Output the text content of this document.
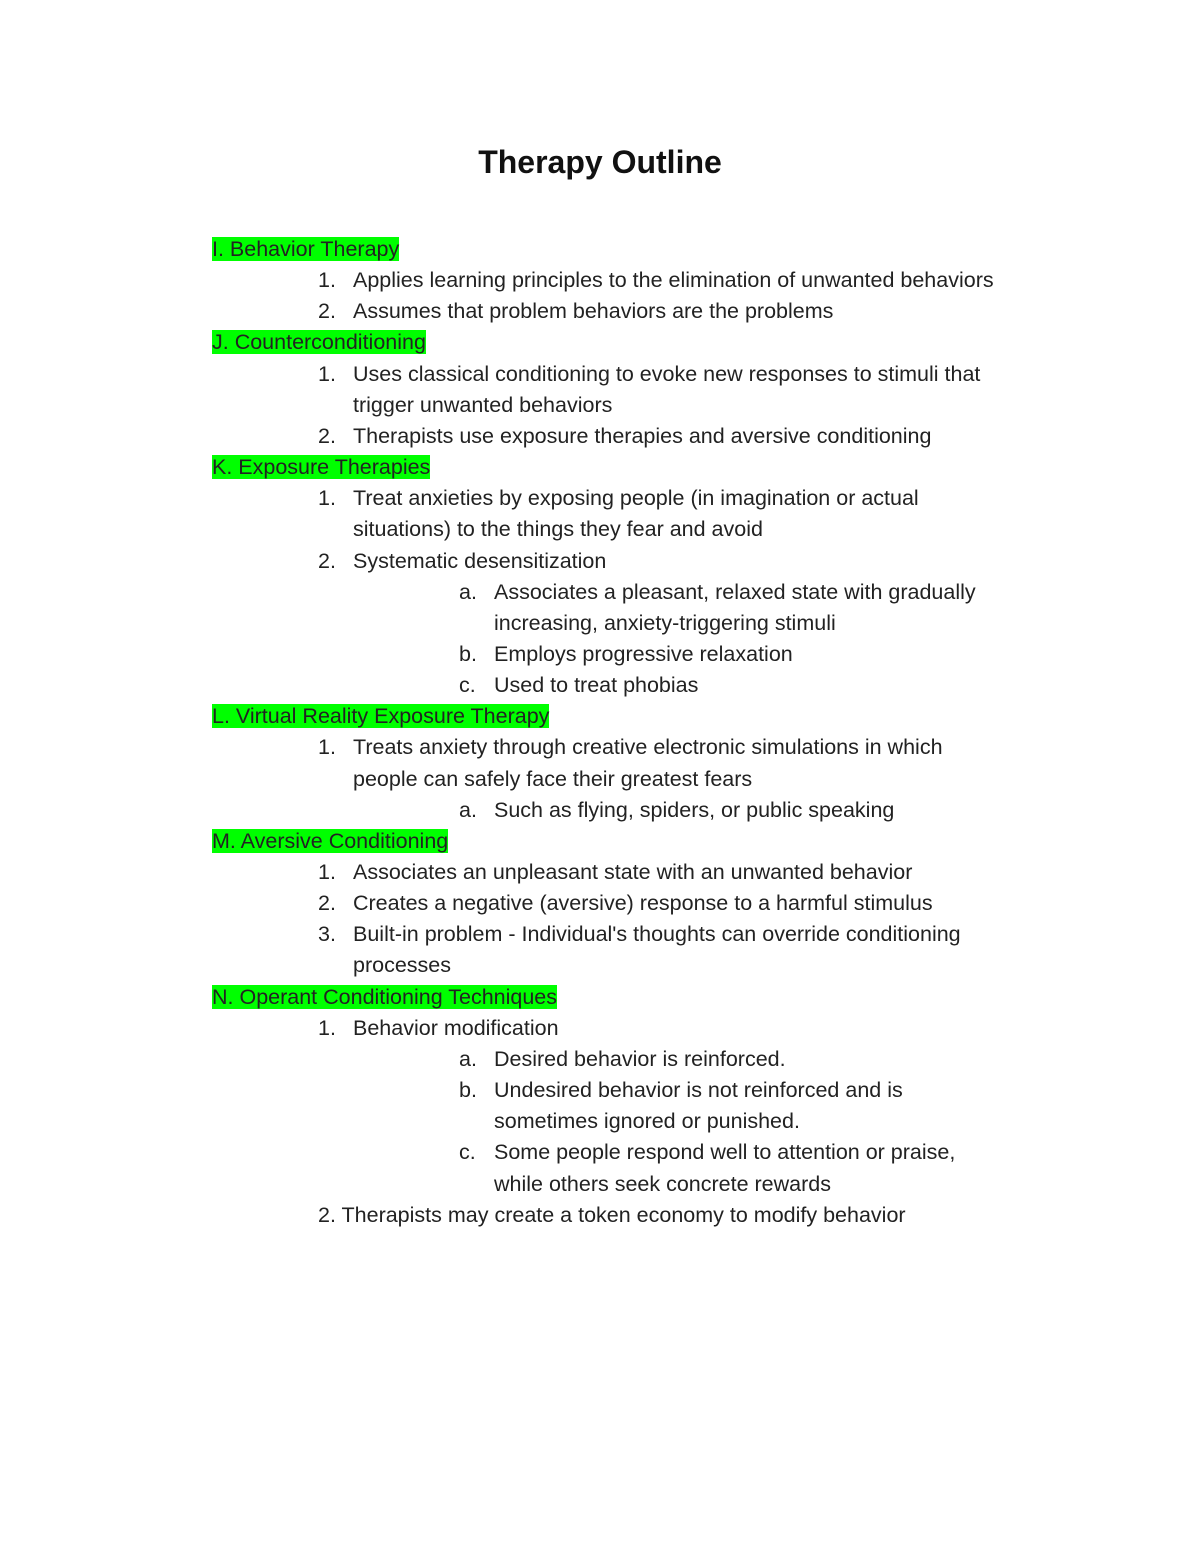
Therapy Outline
I. Behavior Therapy
1. Applies learning principles to the elimination of unwanted behaviors
2. Assumes that problem behaviors are the problems
J. Counterconditioning
1. Uses classical conditioning to evoke new responses to stimuli that
trigger unwanted behaviors
2. Therapists use exposure therapies and aversive conditioning
K. Exposure Therapies
1. Treat anxieties by exposing people (in imagination or actual
situations) to the things they fear and avoid
2. Systematic desensitization
a. Associates a pleasant, relaxed state with gradually
increasing, anxiety-triggering stimuli
b. Employs progressive relaxation
c. Used to treat phobias
L. Virtual Reality Exposure Therapy
1. Treats anxiety through creative electronic simulations in which
people can safely face their greatest fears
a. Such as flying, spiders, or public speaking
M. Aversive Conditioning
1. Associates an unpleasant state with an unwanted behavior
2. Creates a negative (aversive) response to a harmful stimulus
3. Built-in problem - Individual's thoughts can override conditioning
processes
N. Operant Conditioning Techniques
1. Behavior modification
a. Desired behavior is reinforced.
b. Undesired behavior is not reinforced and is
sometimes ignored or punished.
c. Some people respond well to attention or praise,
while others seek concrete rewards
2. Therapists may create a token economy to modify behavior
